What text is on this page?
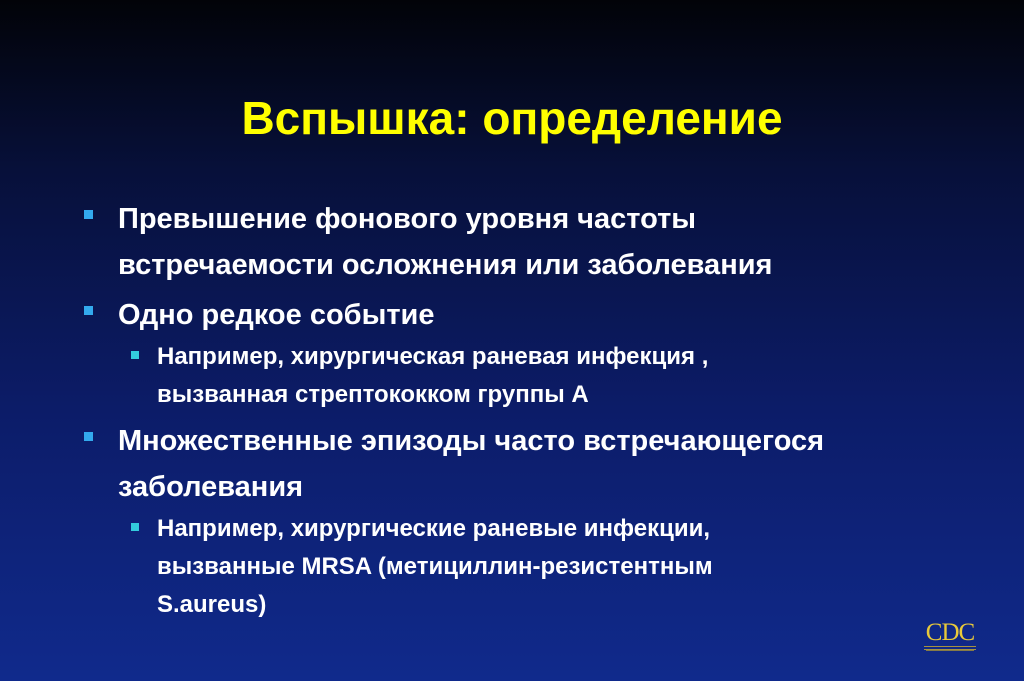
Вспышка: определение
Превышение фонового уровня частоты
встречаемости осложнения или заболевания
Одно редкое событие
Например, хирургическая раневая инфекция ,
вызванная стрептококком группы А
Множественные эпизоды часто встречающегося
заболевания
Например, хирургические раневые инфекции,
вызванные MRSA (метициллин-резистентным
S.aureus)
CDC
